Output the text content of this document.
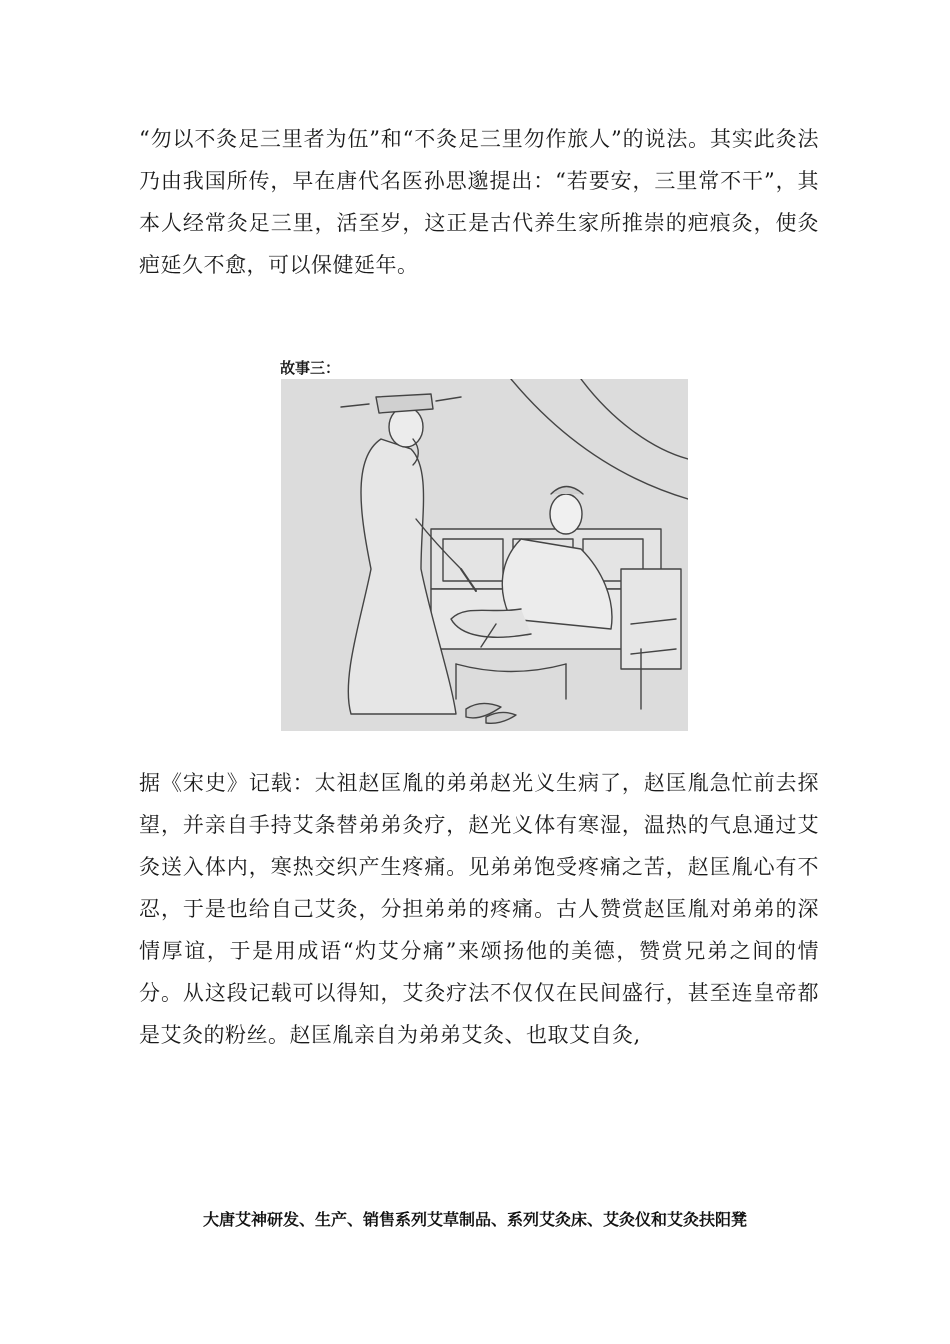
“勿以不灸足三里者为伍”和“不灸足三里勿作旅人”的说法。其实此灸法乃由我国所传，早在唐代名医孙思邈提出：“若要安，三里常不干”，其本人经常灸足三里，活至岁，这正是古代养生家所推崇的疤痕灸，使灸疤延久不愈，可以保健延年。

故事三：

据《宋史》记载：太祖赵匡胤的弟弟赵光义生病了，赵匡胤急忙前去探望，并亲自手持艾条替弟弟灸疗，赵光义体有寒湿，温热的气息通过艾灸送入体内，寒热交织产生疼痛。见弟弟饱受疼痛之苦，赵匡胤心有不忍，于是也给自己艾灸，分担弟弟的疼痛。古人赞赏赵匡胤对弟弟的深情厚谊，于是用成语“灼艾分痛”来颂扬他的美德，赞赏兄弟之间的情分。从这段记载可以得知，艾灸疗法不仅仅在民间盛行，甚至连皇帝都是艾灸的粉丝。赵匡胤亲自为弟弟艾灸、也取艾自灸,

大唐艾神研发、生产、销售系列艾草制品、系列艾灸床、艾灸仪和艾灸扶阳凳
